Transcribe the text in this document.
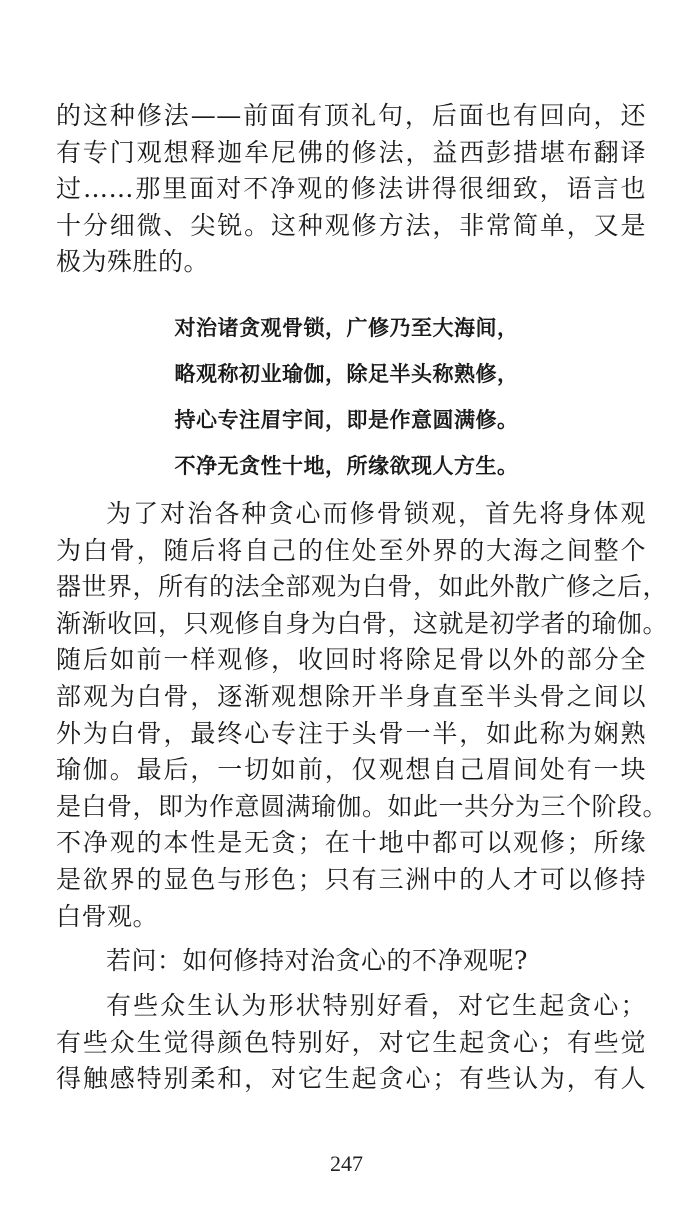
的这种修法——前面有顶礼句，后面也有回向，还
有专门观想释迦牟尼佛的修法，益西彭措堪布翻译
过……那里面对不净观的修法讲得很细致，语言也
十分细微、尖锐。这种观修方法，非常简单，又是
极为殊胜的。

对治诸贪观骨锁，广修乃至大海间，
略观称初业瑜伽，除足半头称熟修，
持心专注眉宇间，即是作意圆满修。
不净无贪性十地，所缘欲现人方生。

为了对治各种贪心而修骨锁观，首先将身体观
为白骨，随后将自己的住处至外界的大海之间整个
器世界，所有的法全部观为白骨，如此外散广修之后，
渐渐收回，只观修自身为白骨，这就是初学者的瑜伽。
随后如前一样观修，收回时将除足骨以外的部分全
部观为白骨，逐渐观想除开半身直至半头骨之间以
外为白骨，最终心专注于头骨一半，如此称为娴熟
瑜伽。最后，一切如前，仅观想自己眉间处有一块
是白骨，即为作意圆满瑜伽。如此一共分为三个阶段。
不净观的本性是无贪；在十地中都可以观修；所缘
是欲界的显色与形色；只有三洲中的人才可以修持
白骨观。

若问：如何修持对治贪心的不净观呢?

有些众生认为形状特别好看，对它生起贪心；
有些众生觉得颜色特别好，对它生起贪心；有些觉
得触感特别柔和，对它生起贪心；有些认为，有人

247
